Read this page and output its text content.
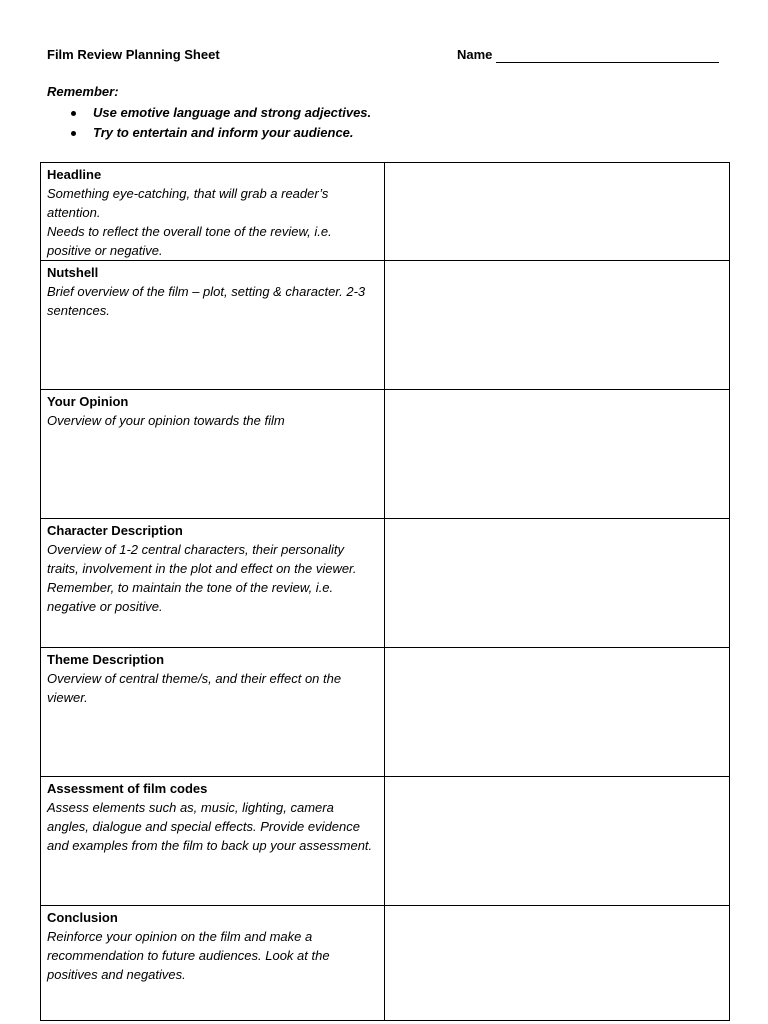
Film Review Planning Sheet	Name
Remember:
Use emotive language and strong adjectives.
Try to entertain and inform your audience.
Headline
Something eye-catching, that will grab a reader’s attention.
Needs to reflect the overall tone of the review, i.e. positive or negative.	

Nutshell
Brief overview of the film – plot, setting & character. 2-3 sentences.	

Your Opinion
Overview of your opinion towards the film	

Character Description
Overview of 1-2 central characters, their personality traits, involvement in the plot and effect on the viewer.
Remember, to maintain the tone of the review, i.e. negative or positive.	

Theme Description
Overview of central theme/s, and their effect on the viewer.	

Assessment of film codes
Assess elements such as, music, lighting, camera angles, dialogue and special effects. Provide evidence and examples from the film to back up your assessment.	

Conclusion
Reinforce your opinion on the film and make a recommendation to future audiences. Look at the positives and negatives.	
